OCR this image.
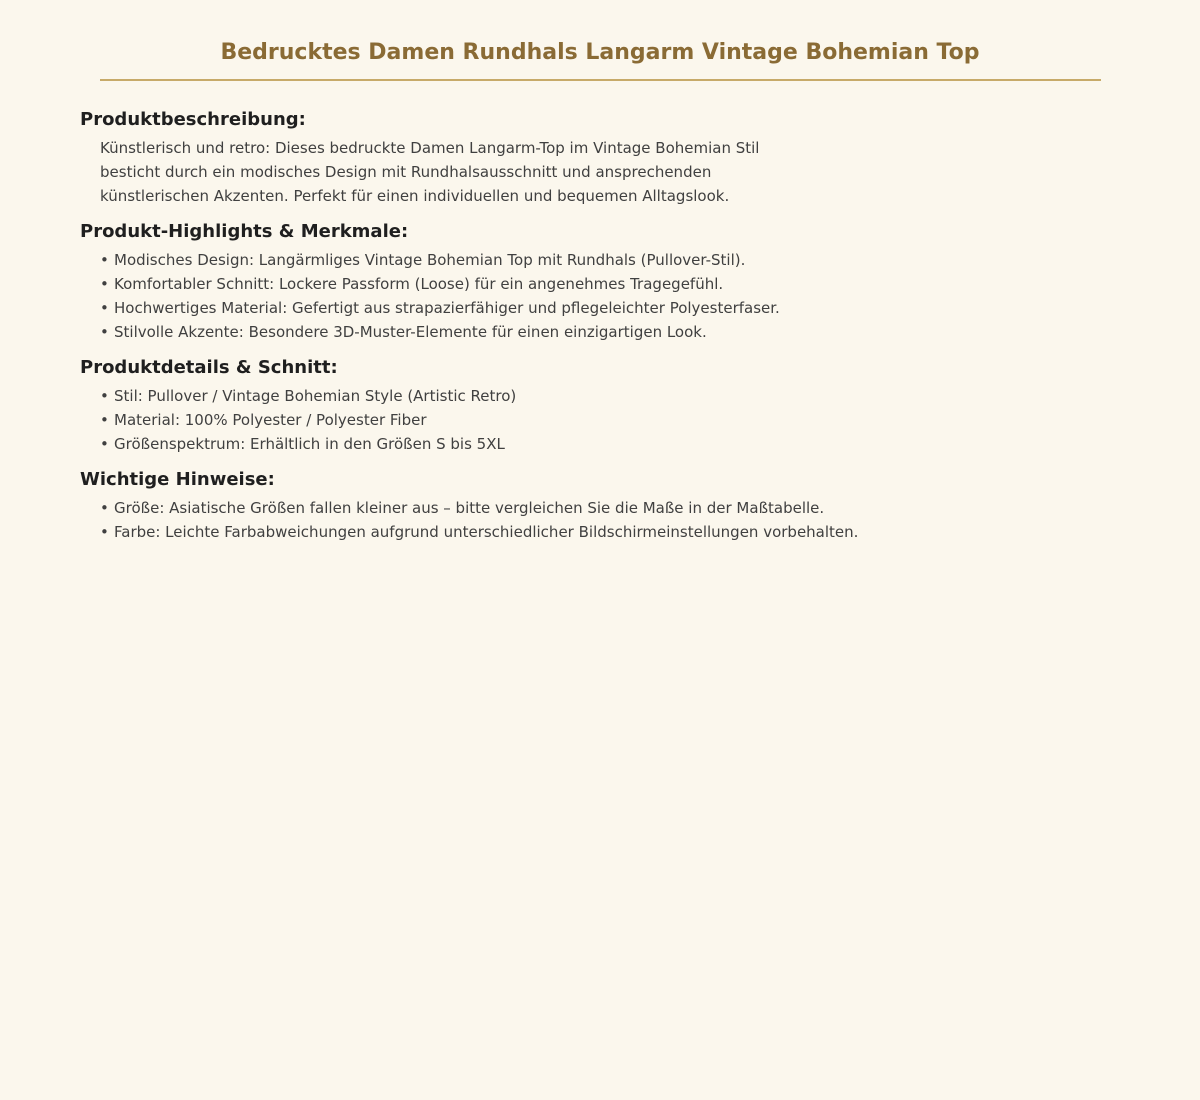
Bedrucktes Damen Rundhals Langarm Vintage Bohemian Top
Produktbeschreibung:

Künstlerisch und retro: Dieses bedruckte Damen Langarm-Top im Vintage Bohemian Stil besticht durch ein modisches Design mit Rundhalsausschnitt und ansprechenden künstlerischen Akzenten. Perfekt für einen individuellen und bequemen Alltagslook.

Produkt-Highlights & Merkmale:
• Modisches Design: Langärmliges Vintage Bohemian Top mit Rundhals (Pullover-Stil).
• Komfortabler Schnitt: Lockere Passform (Loose) für ein angenehmes Tragegefühl.
• Hochwertiges Material: Gefertigt aus strapazierfähiger und pflegeleichter Polyesterfaser.
• Stilvolle Akzente: Besondere 3D-Muster-Elemente für einen einzigartigen Look.
Produktdetails & Schnitt:
• Stil: Pullover / Vintage Bohemian Style (Artistic Retro)
• Material: 100% Polyester / Polyester Fiber
• Größenspektrum: Erhältlich in den Größen S bis 5XL
Wichtige Hinweise:
• Größe: Asiatische Größen fallen kleiner aus – bitte vergleichen Sie die Maße in der Maßtabelle.
• Farbe: Leichte Farbabweichungen aufgrund unterschiedlicher Bildschirmeinstellungen vorbehalten.
